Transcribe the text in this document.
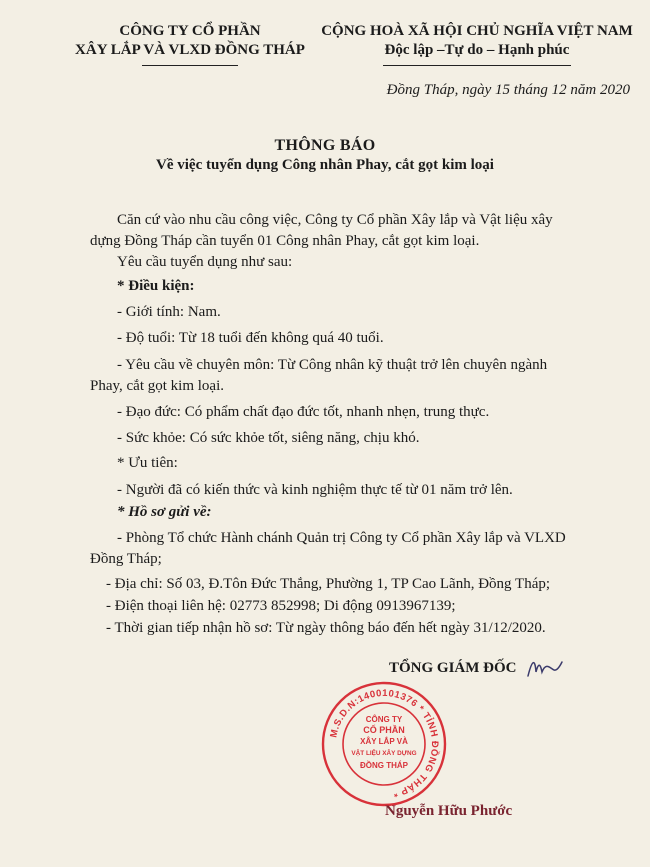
CÔNG TY CỔ PHẦN
XÂY LẮP VÀ VLXD ĐỒNG THÁP
CỘNG HOÀ XÃ HỘI CHỦ NGHĨA VIỆT NAM
Độc lập –Tự do – Hạnh phúc
Đồng Tháp, ngày 15 tháng 12 năm 2020
THÔNG BÁO
Về việc tuyển dụng Công nhân Phay, cắt gọt kim loại
Căn cứ vào nhu cầu công việc, Công ty Cổ phần Xây lắp và Vật liệu xây
dựng Đồng Tháp cần tuyển 01 Công nhân Phay, cắt gọt kim loại.
Yêu cầu tuyển dụng như sau:
* Điều kiện:
- Giới tính: Nam.
- Độ tuổi: Từ 18 tuổi đến không quá 40 tuổi.
- Yêu cầu về chuyên môn: Từ Công nhân kỹ thuật trở lên chuyên ngành
Phay, cắt gọt kim loại.
- Đạo đức: Có phẩm chất đạo đức tốt, nhanh nhẹn, trung thực.
- Sức khỏe: Có sức khỏe tốt, siêng năng, chịu khó.
* Ưu tiên:
- Người đã có kiến thức và kinh nghiệm thực tế từ 01 năm trở lên.
* Hồ sơ gửi về:
- Phòng Tổ chức Hành chánh Quản trị Công ty Cổ phần Xây lắp và VLXD
Đồng Tháp;
- Địa chỉ: Số 03, Đ.Tôn Đức Thắng, Phường 1, TP Cao Lãnh, Đồng Tháp;
- Điện thoại liên hệ: 02773 852998; Di động 0913967139;
- Thời gian tiếp nhận hồ sơ: Từ ngày thông báo đến hết ngày 31/12/2020.
TỔNG GIÁM ĐỐC
M.S.D.N:1400101376 * TỈNH ĐỒNG THÁP *
CÔNG TY
CỔ PHẦN
XÂY LẮP VÀ
VẬT LIỆU XÂY DỰNG
ĐỒNG THÁP
Nguyễn Hữu Phước
